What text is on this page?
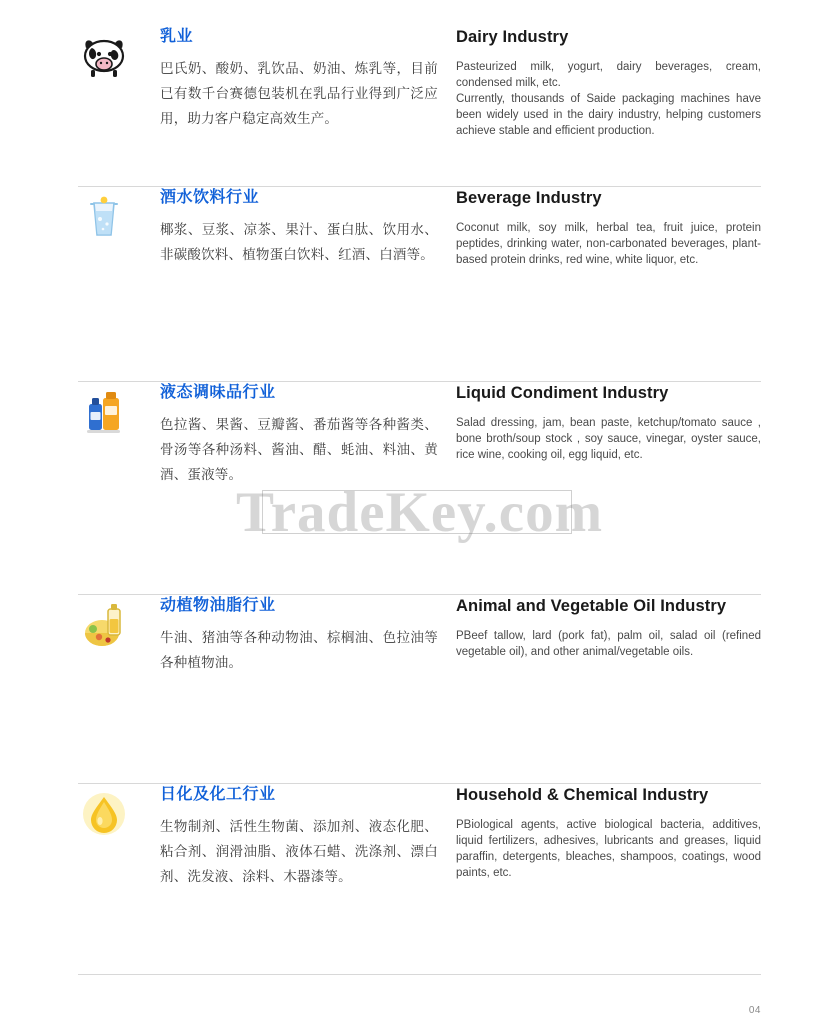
乳业

巴氏奶、酸奶、乳饮品、奶油、炼乳等，目前已有数千台赛德包装机在乳品行业得到广泛应用，助力客户稳定高效生产。

Dairy Industry

Pasteurized milk, yogurt, dairy beverages, cream, condensed milk, etc.

Currently, thousands of Saide packaging machines have been widely used in the dairy industry, helping customers achieve stable and efficient production.

酒水饮料行业

椰浆、豆浆、凉茶、果汁、蛋白肽、饮用水、非碳酸饮料、植物蛋白饮料、红酒、白酒等。

Beverage Industry

Coconut milk, soy milk, herbal tea, fruit juice, protein peptides, drinking water, non-carbonated beverages, plant-based protein drinks, red wine, white liquor, etc.

液态调味品行业

色拉酱、果酱、豆瓣酱、番茄酱等各种酱类、骨汤等各种汤料、酱油、醋、蚝油、料油、黄酒、蛋液等。

Liquid Condiment Industry

Salad dressing, jam, bean paste, ketchup/tomato sauce , bone broth/soup stock , soy sauce, vinegar, oyster sauce, rice wine, cooking oil, egg liquid, etc.

动植物油脂行业

牛油、猪油等各种动物油、棕榈油、色拉油等各种植物油。

Animal and Vegetable Oil Industry

PBeef tallow, lard (pork fat), palm oil, salad oil (refined vegetable oil), and other animal/vegetable oils.

日化及化工行业

生物制剂、活性生物菌、添加剂、液态化肥、粘合剂、润滑油脂、液体石蜡、洗涤剂、漂白剂、洗发液、涂料、木器漆等。

Household & Chemical Industry

PBiological agents, active biological bacteria, additives, liquid fertilizers, adhesives, lubricants and greases, liquid paraffin, detergents, bleaches, shampoos, coatings, wood paints, etc.

04
TradeKey.com
